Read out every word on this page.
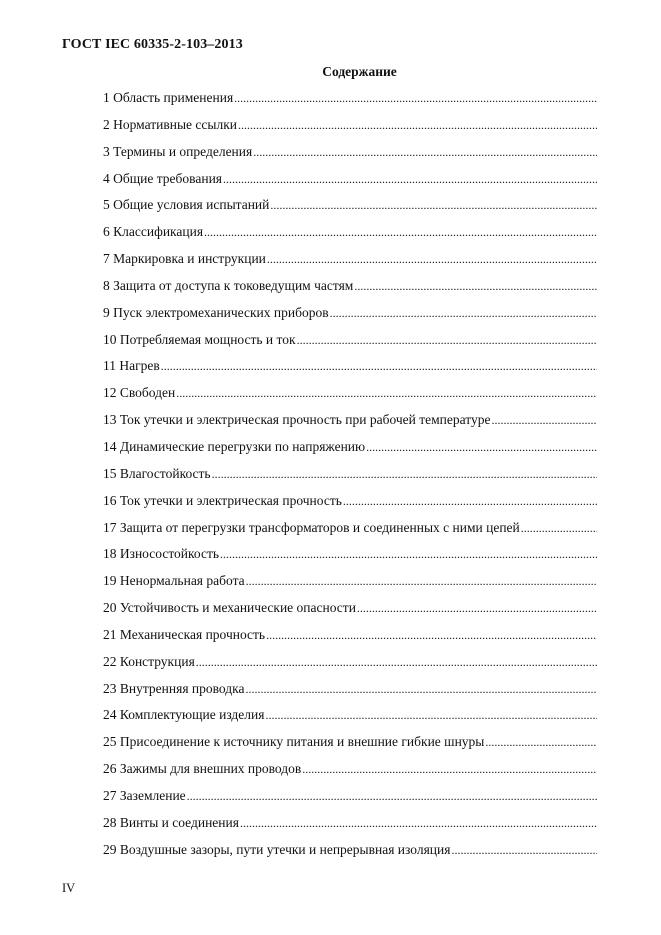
ГОСТ IEC 60335-2-103–2013
Содержание
1 Область применения
.....
2 Нормативные ссылки
.....
3 Термины и определения
.....
4 Общие требования
.....
5 Общие условия испытаний
.....
6 Классификация
.....
7 Маркировка и инструкции
.....
8 Защита от доступа к токоведущим частям
.....
9 Пуск электромеханических приборов
.....
10 Потребляемая мощность и ток
.....
11 Нагрев
.....
12 Свободен
.....
13 Ток утечки и электрическая прочность при рабочей температуре
.....
14 Динамические перегрузки по напряжению
.....
15 Влагостойкость
.....
16 Ток утечки и электрическая прочность
.....
17 Защита от перегрузки трансформаторов и соединенных с ними цепей
.....
18 Износостойкость
.....
19 Ненормальная работа
.....
20 Устойчивость и механические опасности
.....
21 Механическая прочность
.....
22 Конструкция
.....
23 Внутренняя проводка
.....
24 Комплектующие изделия
.....
25 Присоединение к источнику питания и внешние гибкие шнуры
.....
26 Зажимы для внешних проводов
.....
27 Заземление
.....
28 Винты и соединения
.....
29 Воздушные зазоры, пути утечки и непрерывная изоляция
.....
IV
